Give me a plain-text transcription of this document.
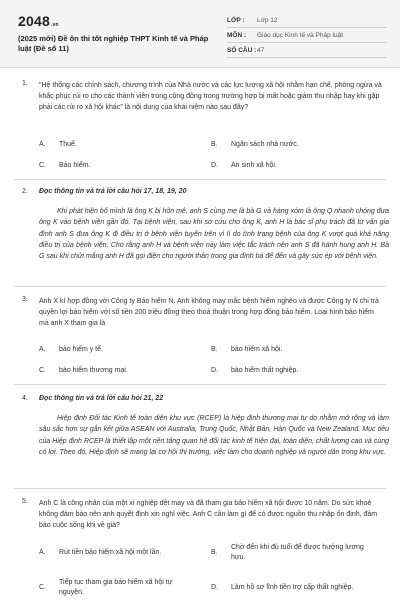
2048.vn
(2025 mới) Đề ôn thi tốt nghiệp THPT Kinh tế và Pháp luật (Đề số 11)
LỚP :	Lớp 12
MÔN :	Giáo dục Kinh tế và Pháp luật
SỐ CÂU : 47
1. "Hệ thống các chính sách, chương trình của Nhà nước và các lực lượng xã hội nhằm hạn chế, phòng ngừa và khắc phục rủi ro cho các thành viên trong cộng đồng trong trường hợp bị mất hoặc giảm thu nhập hay khi gặp phải các rủi ro xã hội khác" là nội dung của khái niệm nào sau đây?
A.	Thuế.	B.	Ngân sách nhà nước.
C.	Bảo hiểm.	D.	An sinh xã hội.
2. Đọc thông tin và trả lời câu hỏi 17, 18, 19, 20
Khi phát hiện bố mình là ông K bị hôn mê, anh S cùng mẹ là bà G và hàng xóm là ông Q nhanh chóng đưa ông K vào bệnh viện gần đó. Tại bệnh viện, sau khi sơ cứu cho ông K, anh H là bác sĩ phụ trách đã từ vấn gia đình anh S đưa ông K đi điều trị ở bệnh viện tuyến trên vì lí do tình trạng bệnh của ông K vượt quá khả năng điều trị của bệnh viện. Cho rằng anh H và bệnh viện này làm việc tắc trách nên anh S đã hành hung anh H. Bà G sau khi chửi mắng anh H đã gọi điện cho người thân trong gia đình bà để đến và gây sức ép với bệnh viện.
3. Anh X kí hợp đồng với Công ty Bảo hiểm N. Anh không may mắc bệnh hiểm nghèo và được Công ty N chi trả quyền lợi bảo hiểm với số tiền 200 triệu đồng theo thoả thuận trong hợp đồng bảo hiểm. Loại hình bảo hiểm mà anh X tham gia là
A.	bảo hiểm y tế.	B.	bảo hiểm xã hội.
C.	bảo hiểm thương mại.	D.	bảo hiểm thất nghiệp.
4. Đọc thông tin và trả lời câu hỏi 21, 22
Hiệp định Đối tác Kinh tế toàn diện khu vực (RCEP) là hiệp định thương mại tự do nhằm mở rộng và làm sâu sắc hơn sự gắn kết giữa ASEAN với Australia, Trung Quốc, Nhật Bản, Hàn Quốc và New Zealand. Mục tiêu của Hiệp định RCEP là thiết lập một nền tảng quan hệ đối tác kinh tế hiện đại, toàn diện, chất lượng cao và cùng có lợi. Theo đó, Hiệp định sẽ mang lại cơ hội thị trường, việc làm cho doanh nghiệp và người dân trong khu vực.
5. Anh C là công nhân của một xí nghiệp dệt may và đã tham gia bảo hiểm xã hội được 10 năm. Do sức khoẻ không đảm bảo nên anh quyết định xin nghỉ việc. Anh C cần làm gì để có được nguồn thu nhập ổn định, đảm bảo cuộc sống khi về già?
A.	Rút tiền bảo hiểm xã hội một lần.	B.
Chờ đến khi đủ tuổi để được hưởng lương hưu.
C.
Tiếp tục tham gia bảo hiểm xã hội tự nguyện.
D.	Làm hồ sơ lĩnh tiền trợ cấp thất nghiệp.
